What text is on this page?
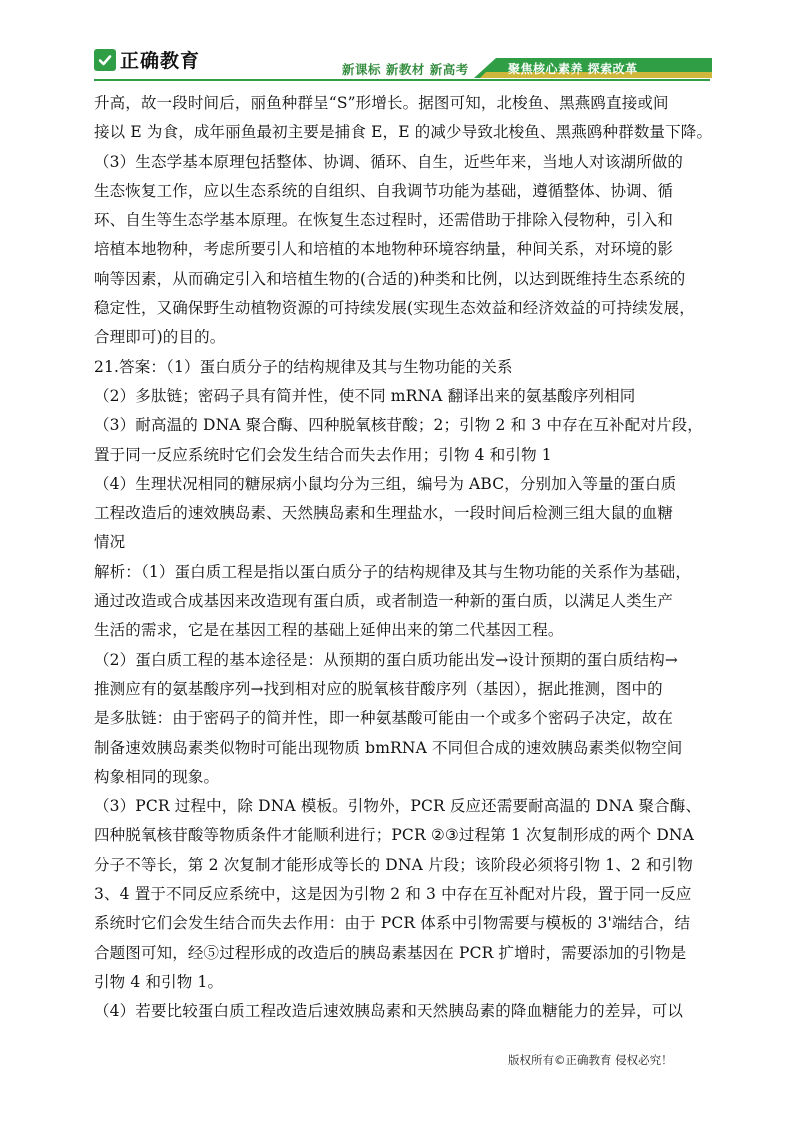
正确教育	新课标 新教材 新高考	聚焦核心素养 探索改革
升高，故一段时间后，丽鱼种群呈“S”形增长。据图可知，北梭鱼、黑燕鸥直接或间
接以 E 为食，成年丽鱼最初主要是捕食 E，E 的减少导致北梭鱼、黑燕鸥种群数量下降。
（3）生态学基本原理包括整体、协调、循环、自生，近些年来，当地人对该湖所做的
生态恢复工作，应以生态系统的自组织、自我调节功能为基础，遵循整体、协调、循
环、自生等生态学基本原理。在恢复生态过程时，还需借助于排除入侵物种，引入和
培植本地物种，考虑所要引人和培植的本地物种环境容纳量，种间关系，对环境的影
响等因素，从而确定引入和培植生物的(合适的)种类和比例，以达到既维持生态系统的
稳定性，又确保野生动植物资源的可持续发展(实现生态效益和经济效益的可持续发展，
合理即可)的目的。
21.答案：（1）蛋白质分子的结构规律及其与生物功能的关系
（2）多肽链；密码子具有简并性，使不同 mRNA 翻译出来的氨基酸序列相同
（3）耐高温的 DNA 聚合酶、四种脱氧核苷酸；2；引物 2 和 3 中存在互补配对片段，
置于同一反应系统时它们会发生结合而失去作用；引物 4 和引物 1
（4）生理状况相同的糖尿病小鼠均分为三组，编号为 ABC，分别加入等量的蛋白质
工程改造后的速效胰岛素、天然胰岛素和生理盐水，一段时间后检测三组大鼠的血糖
情况
解析：（1）蛋白质工程是指以蛋白质分子的结构规律及其与生物功能的关系作为基础，
通过改造或合成基因来改造现有蛋白质，或者制造一种新的蛋白质，以满足人类生产
生活的需求，它是在基因工程的基础上延伸出来的第二代基因工程。
（2）蛋白质工程的基本途径是：从预期的蛋白质功能出发→设计预期的蛋白质结构→
推测应有的氨基酸序列→找到相对应的脱氧核苷酸序列（基因），据此推测，图中的
是多肽链：由于密码子的简并性，即一种氨基酸可能由一个或多个密码子决定，故在
制备速效胰岛素类似物时可能出现物质 bmRNA 不同但合成的速效胰岛素类似物空间
构象相同的现象。
（3）PCR 过程中，除 DNA 模板。引物外，PCR 反应还需要耐高温的 DNA 聚合酶、
四种脱氧核苷酸等物质条件才能顺利进行；PCR ②③过程第 1 次复制形成的两个 DNA
分子不等长，第 2 次复制才能形成等长的 DNA 片段；该阶段必须将引物 1、2 和引物
3、4 置于不同反应系统中，这是因为引物 2 和 3 中存在互补配对片段，置于同一反应
系统时它们会发生结合而失去作用：由于 PCR 体系中引物需要与模板的 3'端结合，结
合题图可知，经⑤过程形成的改造后的胰岛素基因在 PCR 扩增时，需要添加的引物是
引物 4 和引物 1。
（4）若要比较蛋白质工程改造后速效胰岛素和天然胰岛素的降血糖能力的差异，可以
版权所有©正确教育 侵权必究！
